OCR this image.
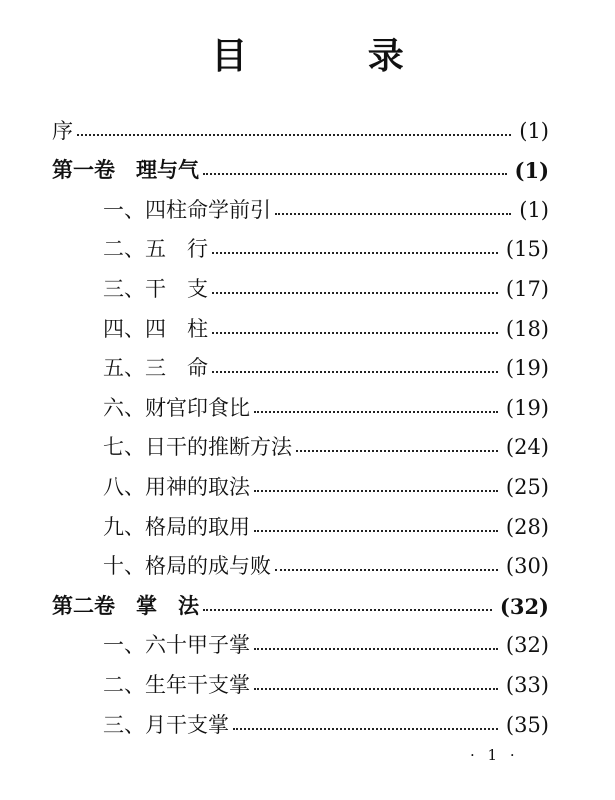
目 录
序	(1)
第一卷　理与气	(1)
一、四柱命学前引	(1)
二、五　行	(15)
三、干　支	(17)
四、四　柱	(18)
五、三　命	(19)
六、财官印食比	(19)
七、日干的推断方法	(24)
八、用神的取法	(25)
九、格局的取用	(28)
十、格局的成与败	(30)
第二卷　掌　法	(32)
一、六十甲子掌	(32)
二、生年干支掌	(33)
三、月干支掌	(35)
· 1 ·
